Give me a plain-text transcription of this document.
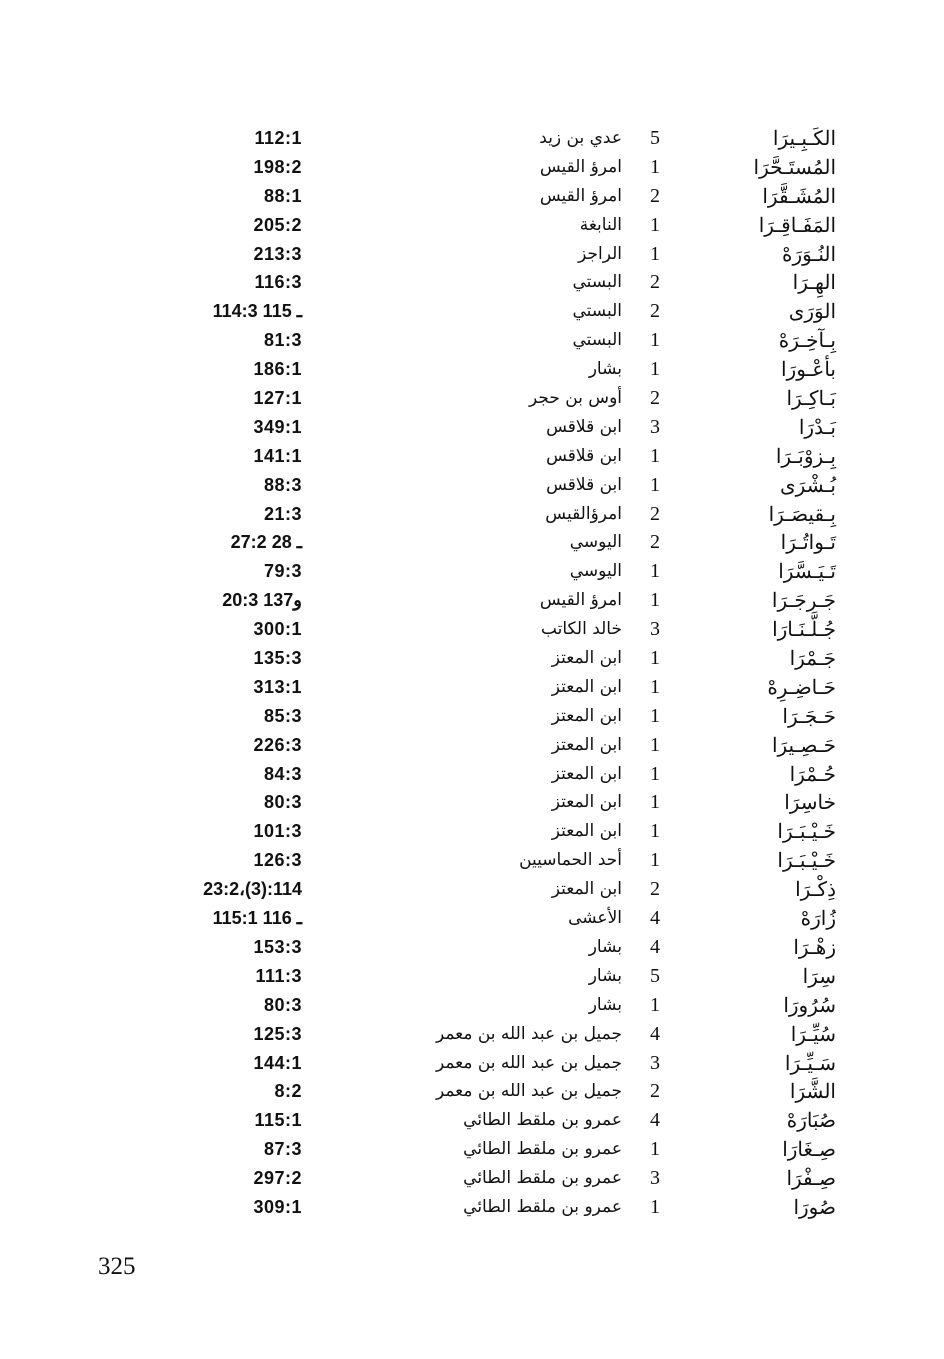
الكَـبِـيرَا
5
عدي بن زيد
112:1
المُستَـحَّرَا
1
امرؤ القيس
198:2
المُشَـقَّرَا
2
امرؤ القيس
88:1
المَفَـاقِـرَا
1
النابغة
205:2
النُـوَرَهْ
1
الراجز
213:3
الهِـرَا
2
البستي
116:3
الوَرَى
2
البستي
114:3 ـ 115
بِـآخِـرَهْ
1
البستي
81:3
بأعْـورَا
1
بشار
186:1
بَـاكِـرَا
2
أوس بن حجر
127:1
بَـدْرَا
3
ابن قلاقس
349:1
بِـزوْبَـرَا
1
ابن قلاقس
141:1
بُـشْرَى
1
ابن قلاقس
88:3
بِـقيصَـرَا
2
امرؤالقيس
21:3
تَـواتُـرَا
2
اليوسي
27:2 ـ 28
تَـيَـسَّرَا
1
اليوسي
79:3
جَـرجَـرَا
1
امرؤ القيس
20:3 و137
جُـلَّـنَـارَا
3
خالد الكاتب
300:1
جَـمْرَا
1
ابن المعتز
135:3
حَـاضِـرِهْ
1
ابن المعتز
313:1
حَـجَـرَا
1
ابن المعتز
85:3
حَـصِـيرَا
1
ابن المعتز
226:3
حُـمْرَا
1
ابن المعتز
84:3
خاسِرَا
1
ابن المعتز
80:3
خَـيْـبَـرَا
1
ابن المعتز
101:3
خَـيْـبَـرَا
1
أحد الحماسيين
126:3
ذِكْـرَا
2
ابن المعتز
23:2،(3):114
زُارَهْ
4
الأعشى
115:1 ـ 116
زهْـرَا
4
بشار
153:3
سِرَا
5
بشار
111:3
سُرُورَا
1
بشار
80:3
سُيِّـرَا
4
جميل بن عبد الله بن معمر
125:3
سَـيِّـرَا
3
جميل بن عبد الله بن معمر
144:1
الشَّرَا
2
جميل بن عبد الله بن معمر
8:2
صُبَارَهْ
4
عمرو بن ملقط الطائي
115:1
صِـغَارَا
1
عمرو بن ملقط الطائي
87:3
صِـفْرَا
3
عمرو بن ملقط الطائي
297:2
صُورَا
1
عمرو بن ملقط الطائي
309:1
325
